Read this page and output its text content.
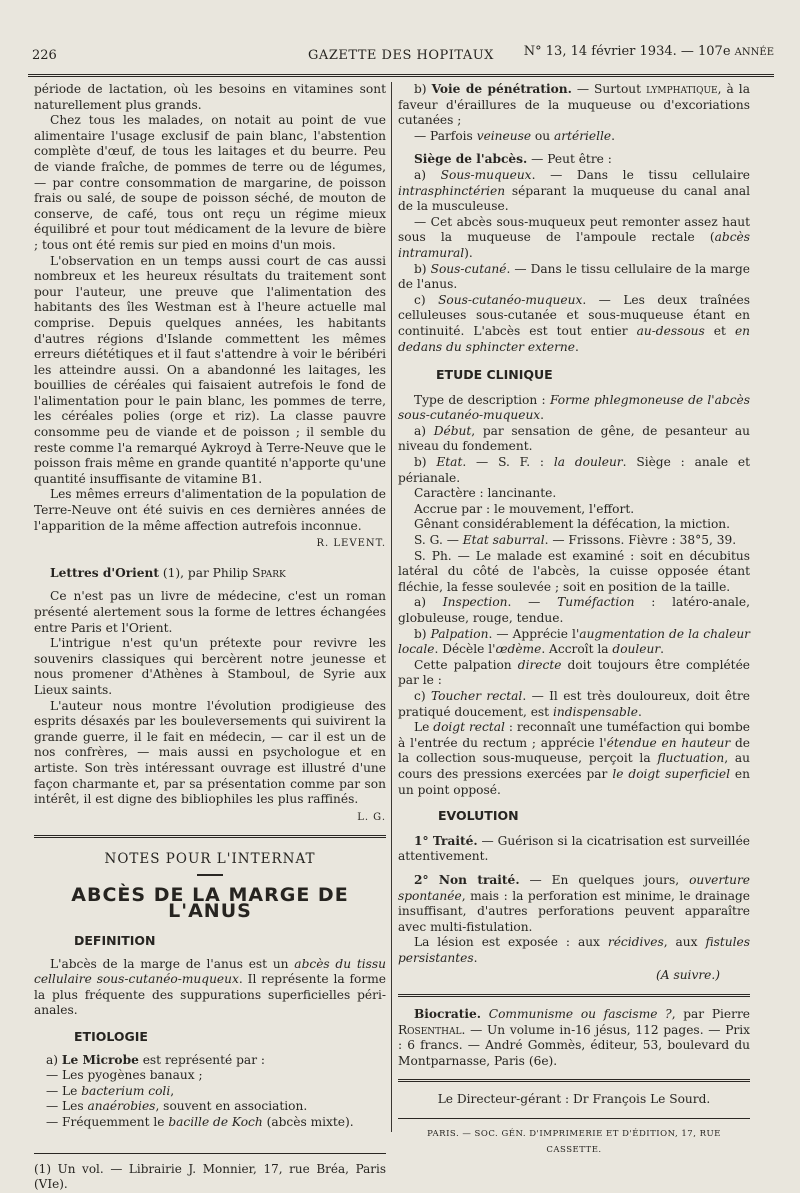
226	GAZETTE DES HOPITAUX	N° 13, 14 février 1934. — 107e ANNÉE

période de lactation, où les besoins en vitamines sont naturellement plus grands.

Chez tous les malades, on notait au point de vue alimentaire l'usage exclusif de pain blanc, l'abstention complète d'œuf, de tous les laitages et du beurre. Peu de viande fraîche, de pommes de terre ou de légumes, — par contre consommation de margarine, de poisson frais ou salé, de soupe de poisson séché, de mouton de conserve, de café, tous ont reçu un régime mieux équilibré et pour tout médicament de la levure de bière ; tous ont été remis sur pied en moins d'un mois.

L'observation en un temps aussi court de cas aussi nombreux et les heureux résultats du traitement sont pour l'auteur, une preuve que l'alimentation des habitants des îles Westman est à l'heure actuelle mal comprise. Depuis quelques années, les habitants d'autres régions d'Islande commettent les mêmes erreurs diététiques et il faut s'attendre à voir le béribéri les atteindre aussi. On a abandonné les laitages, les bouillies de céréales qui faisaient autrefois le fond de l'alimentation pour le pain blanc, les pommes de terre, les céréales polies (orge et riz). La classe pauvre consomme peu de viande et de poisson ; il semble du reste comme l'a remarqué Aykroyd à Terre-Neuve que le poisson frais même en grande quantité n'apporte qu'une quantité insuffisante de vitamine B1.

Les mêmes erreurs d'alimentation de la population de Terre-Neuve ont été suivis en ces dernières années de l'apparition de la même affection autrefois inconnue.

R. LEVENT.

Lettres d'Orient (1), par Philip Spark

Ce n'est pas un livre de médecine, c'est un roman présenté alertement sous la forme de lettres échangées entre Paris et l'Orient.

L'intrigue n'est qu'un prétexte pour revivre les souvenirs classiques qui bercèrent notre jeunesse et nous promener d'Athènes à Stamboul, de Syrie aux Lieux saints.

L'auteur nous montre l'évolution prodigieuse des esprits désaxés par les bouleversements qui suivirent la grande guerre, il le fait en médecin, — car il est un de nos confrères, — mais aussi en psychologue et en artiste. Son très intéressant ouvrage est illustré d'une façon charmante et, par sa présentation comme par son intérêt, il est digne des bibliophiles les plus raffinés.

L. G.
NOTES POUR L'INTERNAT
ABCÈS DE LA MARGE DE L'ANUS
DEFINITION

L'abcès de la marge de l'anus est un abcès du tissu cellulaire sous-cutanéo-muqueux. Il représente la forme la plus fréquente des suppurations superficielles péri-anales.

ETIOLOGIE

a) Le Microbe est représenté par :

— Les pyogènes banaux ;

— Le bacterium coli,

— Les anaérobies, souvent en association.

— Fréquemment le bacille de Koch (abcès mixte).

(1) Un vol. — Librairie J. Monnier, 17, rue Bréa, Paris (VIe).

b) Voie de pénétration. — Surtout lymphatique, à la faveur d'éraillures de la muqueuse ou d'excoriations cutanées ;

— Parfois veineuse ou artérielle.

Siège de l'abcès. — Peut être :

a) Sous-muqueux. — Dans le tissu cellulaire intrasphinctérien séparant la muqueuse du canal anal de la musculeuse.

— Cet abcès sous-muqueux peut remonter assez haut sous la muqueuse de l'ampoule rectale (abcès intramural).

b) Sous-cutané. — Dans le tissu cellulaire de la marge de l'anus.

c) Sous-cutanéo-muqueux. — Les deux traînées celluleuses sous-cutanée et sous-muqueuse étant en continuité. L'abcès est tout entier au-dessous et en dedans du sphincter externe.

ETUDE CLINIQUE

Type de description : Forme phlegmoneuse de l'abcès sous-cutanéo-muqueux.

a) Début, par sensation de gêne, de pesanteur au niveau du fondement.

b) Etat. — S. F. : la douleur. Siège : anale et périanale.

Caractère : lancinante.

Accrue par : le mouvement, l'effort.

Gênant considérablement la défécation, la miction.

S. G. — Etat saburral. — Frissons. Fièvre : 38°5, 39.

S. Ph. — Le malade est examiné : soit en décubitus latéral du côté de l'abcès, la cuisse opposée étant fléchie, la fesse soulevée ; soit en position de la taille.

a) Inspection. — Tuméfaction : latéro-anale, globuleuse, rouge, tendue.

b) Palpation. — Apprécie l'augmentation de la chaleur locale. Décèle l'œdème. Accroît la douleur.

Cette palpation directe doit toujours être complétée par le :

c) Toucher rectal. — Il est très douloureux, doit être pratiqué doucement, est indispensable.

Le doigt rectal : reconnaît une tuméfaction qui bombe à l'entrée du rectum ; apprécie l'étendue en hauteur de la collection sous-muqueuse, perçoit la fluctuation, au cours des pressions exercées par le doigt superficiel en un point opposé.

EVOLUTION

1° Traité. — Guérison si la cicatrisation est surveillée attentivement.

2° Non traité. — En quelques jours, ouverture spontanée, mais : la perforation est minime, le drainage insuffisant, d'autres perforations peuvent apparaître avec multi-fistulation.

La lésion est exposée : aux récidives, aux fistules persistantes.

(A suivre.)

Biocratie. Communisme ou fascisme ?, par Pierre Rosenthal. — Un volume in-16 jésus, 112 pages. — Prix : 6 francs. — André Gommès, éditeur, 53, boulevard du Montparnasse, Paris (6e).

Le Directeur-gérant : Dr François Le Sourd.

PARIS. — SOC. GÉN. D'IMPRIMERIE ET D'ÉDITION, 17, RUE CASSETTE.
